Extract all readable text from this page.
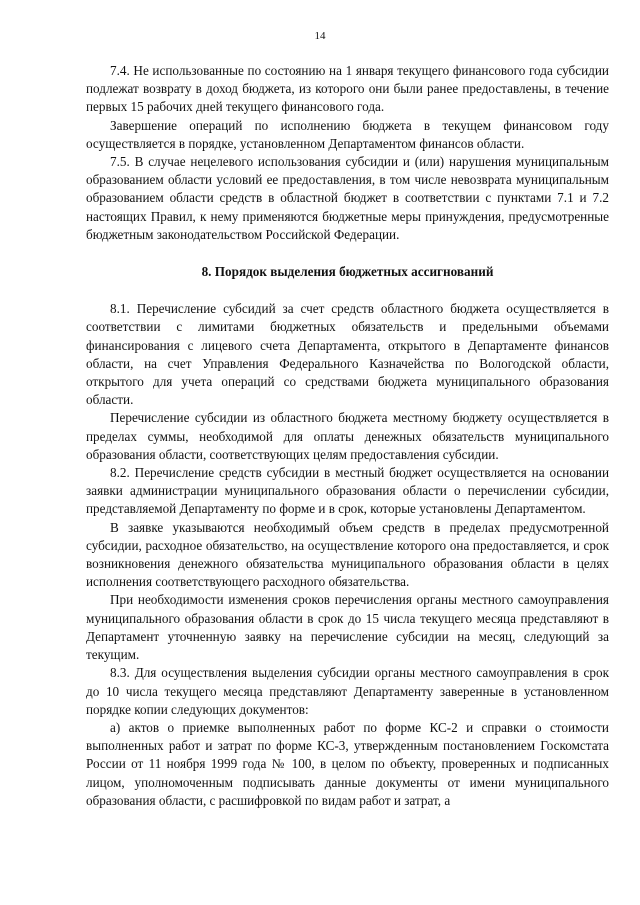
14

7.4. Не использованные по состоянию на 1 января текущего финансового года субсидии подлежат возврату в доход бюджета, из которого они были ранее предоставлены, в течение первых 15 рабочих дней текущего финансового года.

Завершение операций по исполнению бюджета в текущем финансовом году осуществляется в порядке, установленном Департаментом финансов области.

7.5. В случае нецелевого использования субсидии и (или) нарушения муниципальным образованием области условий ее предоставления, в том числе невозврата муниципальным образованием области средств в областной бюджет в соответствии с пунктами 7.1 и 7.2 настоящих Правил, к нему применяются бюджетные меры принуждения, предусмотренные бюджетным законодательством Российской Федерации.

8. Порядок выделения бюджетных ассигнований

8.1. Перечисление субсидий за счет средств областного бюджета осуществляется в соответствии с лимитами бюджетных обязательств и предельными объемами финансирования с лицевого счета Департамента, открытого в Департаменте финансов области, на счет Управления Федерального Казначейства по Вологодской области, открытого для учета операций со средствами бюджета муниципального образования области.

Перечисление субсидии из областного бюджета местному бюджету осуществляется в пределах суммы, необходимой для оплаты денежных обязательств муниципального образования области, соответствующих целям предоставления субсидии.

8.2. Перечисление средств субсидии в местный бюджет осуществляется на основании заявки администрации муниципального образования области о перечислении субсидии, представляемой Департаменту по форме и в срок, которые установлены Департаментом.

В заявке указываются необходимый объем средств в пределах предусмотренной субсидии, расходное обязательство, на осуществление которого она предоставляется, и срок возникновения денежного обязательства муниципального образования области в целях исполнения соответствующего расходного обязательства.

При необходимости изменения сроков перечисления органы местного самоуправления муниципального образования области в срок до 15 числа текущего месяца представляют в Департамент уточненную заявку на перечисление субсидии на месяц, следующий за текущим.

8.3. Для осуществления выделения субсидии органы местного самоуправления в срок до 10 числа текущего месяца представляют Департаменту заверенные в установленном порядке копии следующих документов:

а) актов о приемке выполненных работ по форме КС-2 и справки о стоимости выполненных работ и затрат по форме КС-3, утвержденным постановлением Госкомстата России от 11 ноября 1999 года № 100, в целом по объекту, проверенных и подписанных лицом, уполномоченным подписывать данные документы от имени муниципального образования области, с расшифровкой по видам работ и затрат, а
